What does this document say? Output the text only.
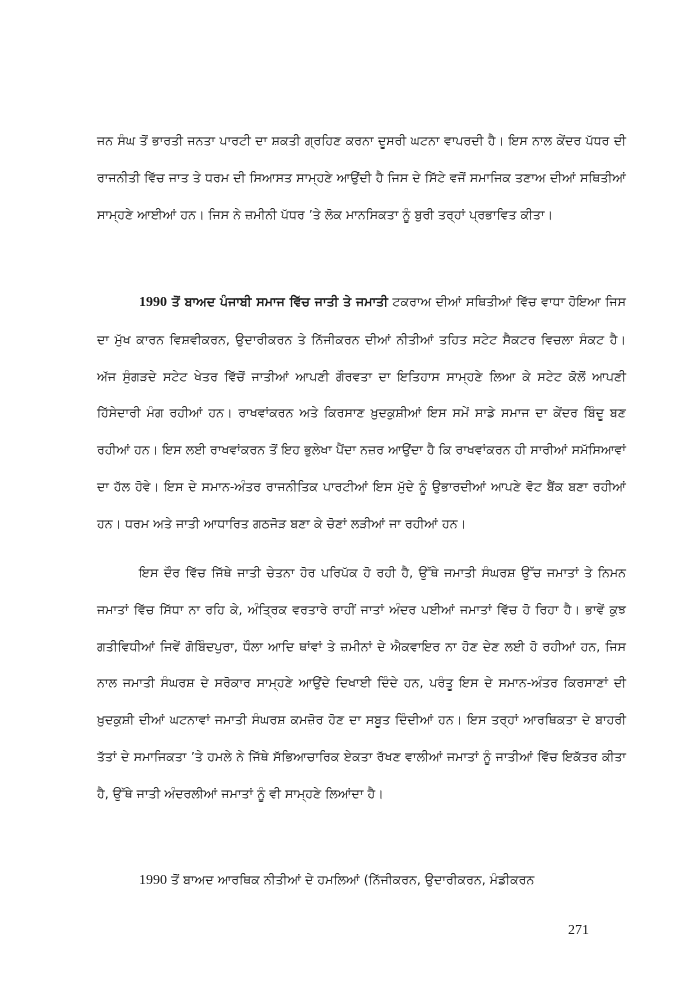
ਜਨ ਸੰਘ ਤੋਂ ਭਾਰਤੀ ਜਨਤਾ ਪਾਰਟੀ ਦਾ ਸ਼ਕਤੀ ਗ੍ਰਹਿਣ ਕਰਨਾ ਦੂਸਰੀ ਘਟਨਾ ਵਾਪਰਦੀ ਹੈ। ਇਸ ਨਾਲ ਕੇਂਦਰ ਪੱਧਰ ਦੀ ਰਾਜਨੀਤੀ ਵਿੱਚ ਜਾਤ ਤੇ ਧਰਮ ਦੀ ਸਿਆਸਤ ਸਾਮ੍ਹਣੇ ਆਉਂਦੀ ਹੈ ਜਿਸ ਦੇ ਸਿੱਟੇ ਵਜੋਂ ਸਮਾਜਿਕ ਤਣਾਅ ਦੀਆਂ ਸਥਿਤੀਆਂ ਸਾਮ੍ਹਣੇ ਆਈਆਂ ਹਨ। ਜਿਸ ਨੇ ਜ਼ਮੀਨੀ ਪੱਧਰ ’ਤੇ ਲੋਕ ਮਾਨਸਿਕਤਾ ਨੂੰ ਬੁਰੀ ਤਰ੍ਹਾਂ ਪ੍ਰਭਾਵਿਤ ਕੀਤਾ।

1990 ਤੋਂ ਬਾਅਦ ਪੰਜਾਬੀ ਸਮਾਜ ਵਿੱਚ ਜਾਤੀ ਤੇ ਜਮਾਤੀ ਟਕਰਾਅ ਦੀਆਂ ਸਥਿਤੀਆਂ ਵਿੱਚ ਵਾਧਾ ਹੋਇਆ ਜਿਸ ਦਾ ਮੁੱਖ ਕਾਰਨ ਵਿਸ਼ਵੀਕਰਨ, ਉਦਾਰੀਕਰਨ ਤੇ ਨਿੱਜੀਕਰਨ ਦੀਆਂ ਨੀਤੀਆਂ ਤਹਿਤ ਸਟੇਟ ਸੈਕਟਰ ਵਿਚਲਾ ਸੰਕਟ ਹੈ। ਅੱਜ ਸੁੰਗੜਦੇ ਸਟੇਟ ਖੇਤਰ ਵਿੱਚੋਂ ਜਾਤੀਆਂ ਆਪਣੀ ਗੌਰਵਤਾ ਦਾ ਇਤਿਹਾਸ ਸਾਮ੍ਹਣੇ ਲਿਆ ਕੇ ਸਟੇਟ ਕੋਲੋਂ ਆਪਣੀ ਹਿੱਸੇਦਾਰੀ ਮੰਗ ਰਹੀਆਂ ਹਨ। ਰਾਖਵਾਂਕਰਨ ਅਤੇ ਕਿਰਸਾਣ ਖ਼ੁਦਕੁਸ਼ੀਆਂ ਇਸ ਸਮੇਂ ਸਾਡੇ ਸਮਾਜ ਦਾ ਕੇਂਦਰ ਬਿੰਦੂ ਬਣ ਰਹੀਆਂ ਹਨ। ਇਸ ਲਈ ਰਾਖਵਾਂਕਰਨ ਤੋਂ ਇਹ ਭੁਲੇਖਾ ਪੈਂਦਾ ਨਜ਼ਰ ਆਉਂਦਾ ਹੈ ਕਿ ਰਾਖਵਾਂਕਰਨ ਹੀ ਸਾਰੀਆਂ ਸਮੱਸਿਆਵਾਂ ਦਾ ਹੱਲ ਹੋਵੇ। ਇਸ ਦੇ ਸਮਾਨ-ਅੰਤਰ ਰਾਜਨੀਤਿਕ ਪਾਰਟੀਆਂ ਇਸ ਮੁੱਦੇ ਨੂੰ ਉਭਾਰਦੀਆਂ ਆਪਣੇ ਵੋਟ ਬੈਂਕ ਬਣਾ ਰਹੀਆਂ ਹਨ। ਧਰਮ ਅਤੇ ਜਾਤੀ ਆਧਾਰਿਤ ਗਠਜੋੜ ਬਣਾ ਕੇ ਚੋਣਾਂ ਲੜੀਆਂ ਜਾ ਰਹੀਆਂ ਹਨ।

ਇਸ ਦੌਰ ਵਿੱਚ ਜਿੱਥੇ ਜਾਤੀ ਚੇਤਨਾ ਹੋਰ ਪਰਿਪੱਕ ਹੋ ਰਹੀ ਹੈ, ਉੱਥੇ ਜਮਾਤੀ ਸੰਘਰਸ਼ ਉੱਚ ਜਮਾਤਾਂ ਤੇ ਨਿਮਨ ਜਮਾਤਾਂ ਵਿੱਚ ਸਿੱਧਾ ਨਾ ਰਹਿ ਕੇ, ਅੰਤ੍ਰਿਕ ਵਰਤਾਰੇ ਰਾਹੀਂ ਜਾਤਾਂ ਅੰਦਰ ਪਈਆਂ ਜਮਾਤਾਂ ਵਿੱਚ ਹੋ ਰਿਹਾ ਹੈ। ਭਾਵੇਂ ਕੁਝ ਗਤੀਵਿਧੀਆਂ ਜਿਵੇਂ ਗੋਬਿੰਦਪੁਰਾ, ਧੌਲਾ ਆਦਿ ਥਾਂਵਾਂ ਤੇ ਜ਼ਮੀਨਾਂ ਦੇ ਐਕਵਾਇਰ ਨਾ ਹੋਣ ਦੇਣ ਲਈ ਹੋ ਰਹੀਆਂ ਹਨ, ਜਿਸ ਨਾਲ ਜਮਾਤੀ ਸੰਘਰਸ਼ ਦੇ ਸਰੋਕਾਰ ਸਾਮ੍ਹਣੇ ਆਉਂਦੇ ਦਿਖਾਈ ਦਿੰਦੇ ਹਨ, ਪਰੰਤੂ ਇਸ ਦੇ ਸਮਾਨ-ਅੰਤਰ ਕਿਰਸਾਣਾਂ ਦੀ ਖ਼ੁਦਕੁਸ਼ੀ ਦੀਆਂ ਘਟਨਾਵਾਂ ਜਮਾਤੀ ਸੰਘਰਸ਼ ਕਮਜ਼ੋਰ ਹੋਣ ਦਾ ਸਬੂਤ ਦਿੰਦੀਆਂ ਹਨ। ਇਸ ਤਰ੍ਹਾਂ ਆਰਥਿਕਤਾ ਦੇ ਬਾਹਰੀ ਤੱਤਾਂ ਦੇ ਸਮਾਜਿਕਤਾ ’ਤੇ ਹਮਲੇ ਨੇ ਜਿੱਥੇ ਸੱਭਿਆਚਾਰਿਕ ਏਕਤਾ ਰੱਖਣ ਵਾਲੀਆਂ ਜਮਾਤਾਂ ਨੂੰ ਜਾਤੀਆਂ ਵਿੱਚ ਇਕੱਤਰ ਕੀਤਾ ਹੈ, ਉੱਥੇ ਜਾਤੀ ਅੰਦਰਲੀਆਂ ਜਮਾਤਾਂ ਨੂੰ ਵੀ ਸਾਮ੍ਹਣੇ ਲਿਆਂਦਾ ਹੈ।

1990 ਤੋਂ ਬਾਅਦ ਆਰਥਿਕ ਨੀਤੀਆਂ ਦੇ ਹਮਲਿਆਂ (ਨਿੱਜੀਕਰਨ, ਉਦਾਰੀਕਰਨ, ਮੰਡੀਕਰਨ

271
